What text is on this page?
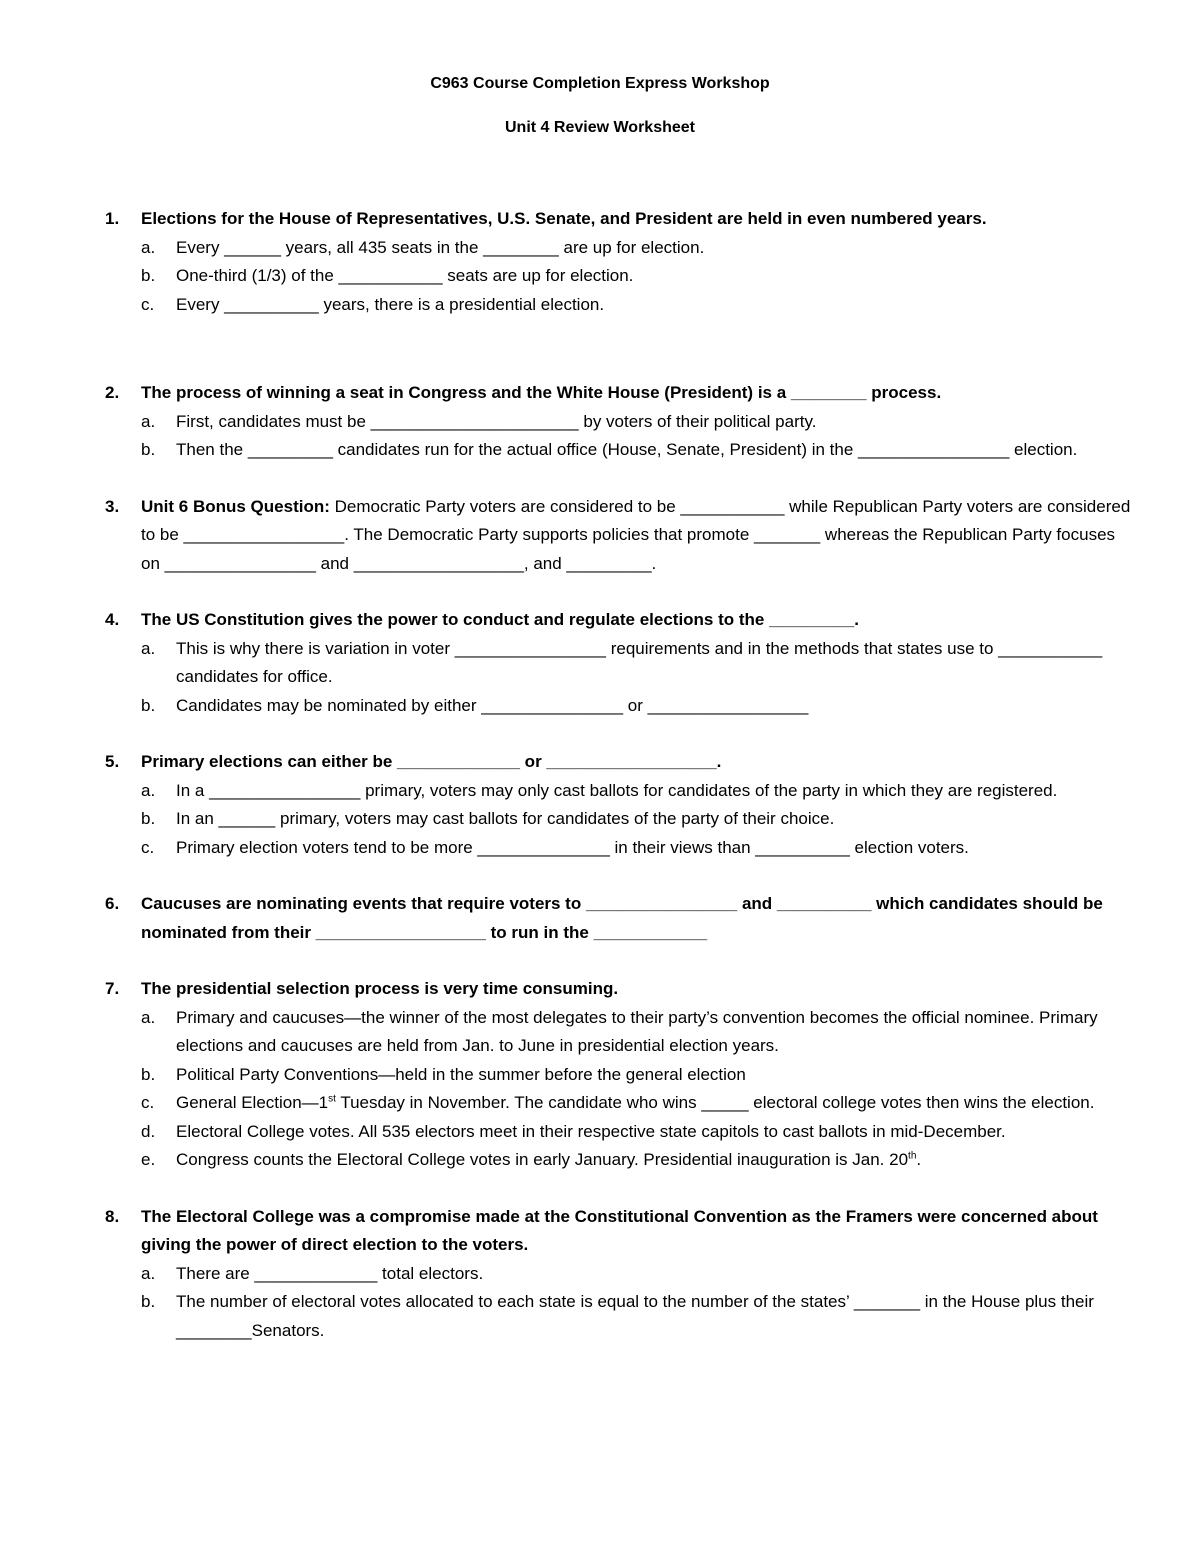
C963 Course Completion Express Workshop
Unit 4 Review Worksheet
1.	Elections for the House of Representatives, U.S. Senate, and President are held in even numbered years.
a.	Every ______ years, all 435 seats in the ________ are up for election.
b.	One-third (1/3) of the ___________ seats are up for election.
c.	Every __________ years, there is a presidential election.
2.	The process of winning a seat in Congress and the White House (President) is a ________ process.
a.	First, candidates must be ______________________ by voters of their political party.
b.	Then the _________ candidates run for the actual office (House, Senate, President) in the ________________ election.
3.	Unit 6 Bonus Question: Democratic Party voters are considered to be ___________ while Republican Party voters are considered to be _________________. The Democratic Party supports policies that promote _______ whereas the Republican Party focuses on ________________ and __________________, and _________.
4.	The US Constitution gives the power to conduct and regulate elections to the _________.
a.	This is why there is variation in voter ________________ requirements and in the methods that states use to ___________ candidates for office.
b.	Candidates may be nominated by either _______________ or _________________
5.	Primary elections can either be _____________ or __________________.
a.	In a ________________ primary, voters may only cast ballots for candidates of the party in which they are registered.
b.	In an ______ primary, voters may cast ballots for candidates of the party of their choice.
c.	Primary election voters tend to be more ______________ in their views than __________ election voters.
6.	Caucuses are nominating events that require voters to ________________ and __________ which candidates should be nominated from their __________________ to run in the ____________
7.	The presidential selection process is very time consuming.
a.	Primary and caucuses—the winner of the most delegates to their party’s convention becomes the official nominee. Primary elections and caucuses are held from Jan. to June in presidential election years.
b.	Political Party Conventions—held in the summer before the general election
c.	General Election—1st Tuesday in November. The candidate who wins _____ electoral college votes then wins the election.
d.	Electoral College votes. All 535 electors meet in their respective state capitols to cast ballots in mid-December.
e.	Congress counts the Electoral College votes in early January. Presidential inauguration is Jan. 20th.
8.	The Electoral College was a compromise made at the Constitutional Convention as the Framers were concerned about giving the power of direct election to the voters.
a.	There are _____________ total electors.
b.	The number of electoral votes allocated to each state is equal to the number of the states’ _______ in the House plus their ________Senators.
